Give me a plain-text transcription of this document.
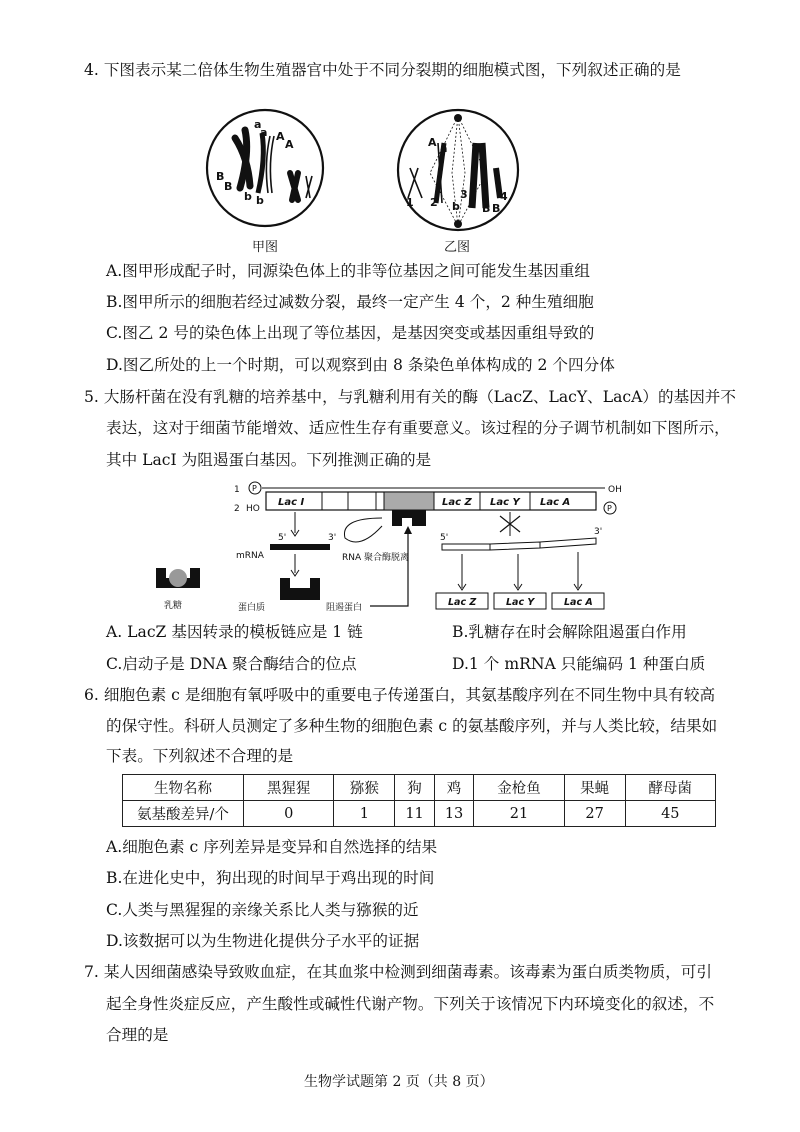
4. 下图表示某二倍体生物生殖器官中处于不同分裂期的细胞模式图，下列叙述正确的是
a
a A
A
B
B
b b
甲图
A a
1 2
3	4
b B B
乙图
A.图甲形成配子时，同源染色体上的非等位基因之间可能发生基因重组
B.图甲所示的细胞若经过减数分裂，最终一定产生 4 个，2 种生殖细胞
C.图乙 2 号的染色体上出现了等位基因，是基因突变或基因重组导致的
D.图乙所处的上一个时期，可以观察到由 8 条染色单体构成的 2 个四分体
5. 大肠杆菌在没有乳糖的培养基中，与乳糖利用有关的酶（LacZ、LacY、LacA）的基因并不
表达，这对于细菌节能增效、适应性生存有重要意义。该过程的分子调节机制如下图所示，
其中 LacI 为阻遏蛋白基因。下列推测正确的是
1
2
P
HO
OH
P
Lac I	Lac Z Lac Y Lac A
5'	3'
mRNA	RNA 聚合酶脱离
蛋白质	阻遏蛋白
乳糖
5'
3'
Lac Z	Lac Y	Lac A
A. LacZ 基因转录的模板链应是 1 链	B.乳糖存在时会解除阻遏蛋白作用
C.启动子是 DNA 聚合酶结合的位点	D.1 个 mRNA 只能编码 1 种蛋白质
6. 细胞色素 c 是细胞有氧呼吸中的重要电子传递蛋白，其氨基酸序列在不同生物中具有较高
的保守性。科研人员测定了多种生物的细胞色素 c 的氨基酸序列，并与人类比较，结果如
下表。下列叙述不合理的是
生物名称	黑猩猩	猕猴	狗	鸡	金枪鱼	果蝇	酵母菌
氨基酸差异/个	0	1	11	13	21	27	45
A.细胞色素 c 序列差异是变异和自然选择的结果
B.在进化史中，狗出现的时间早于鸡出现的时间
C.人类与黑猩猩的亲缘关系比人类与猕猴的近
D.该数据可以为生物进化提供分子水平的证据
7. 某人因细菌感染导致败血症，在其血浆中检测到细菌毒素。该毒素为蛋白质类物质，可引
起全身性炎症反应，产生酸性或碱性代谢产物。下列关于该情况下内环境变化的叙述，不
合理的是
生物学试题第 2 页（共 8 页）
